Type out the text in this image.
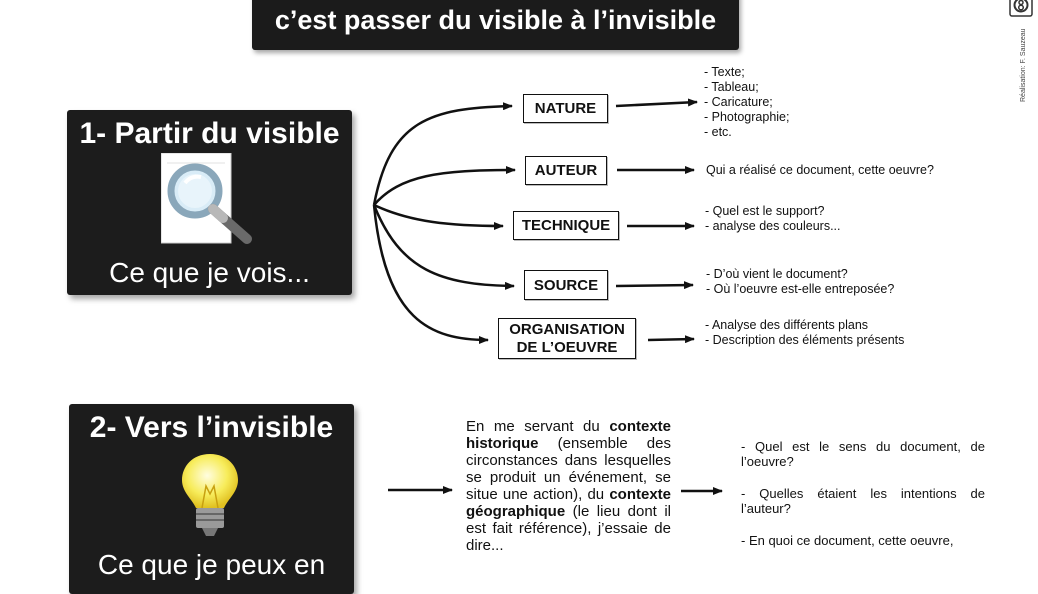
c’est passer du visible à l’invisible
Réalisation: F. Sauzeau
1- Partir du visible
Ce que je vois...
2- Vers l’invisible
Ce que je peux en
NATURE
AUTEUR
TECHNIQUE
SOURCE
ORGANISATION
DE L’OEUVRE
- Texte;
- Tableau;
- Caricature;
- Photographie;
- etc.
Qui a réalisé ce document, cette oeuvre?
- Quel est le support?
- analyse des couleurs...
- D’où vient le document?
- Où l’oeuvre est-elle entreposée?
- Analyse des différents plans
- Description des éléments présents
En me servant du contexte historique (ensemble des circonstances dans lesquelles se produit un événement, se situe une action), du contexte géographique (le lieu dont il est fait référence), j’essaie de dire...
- Quel est le sens du document, de l’oeuvre?
- Quelles étaient les intentions de l’auteur?
- En quoi ce document, cette oeuvre,
